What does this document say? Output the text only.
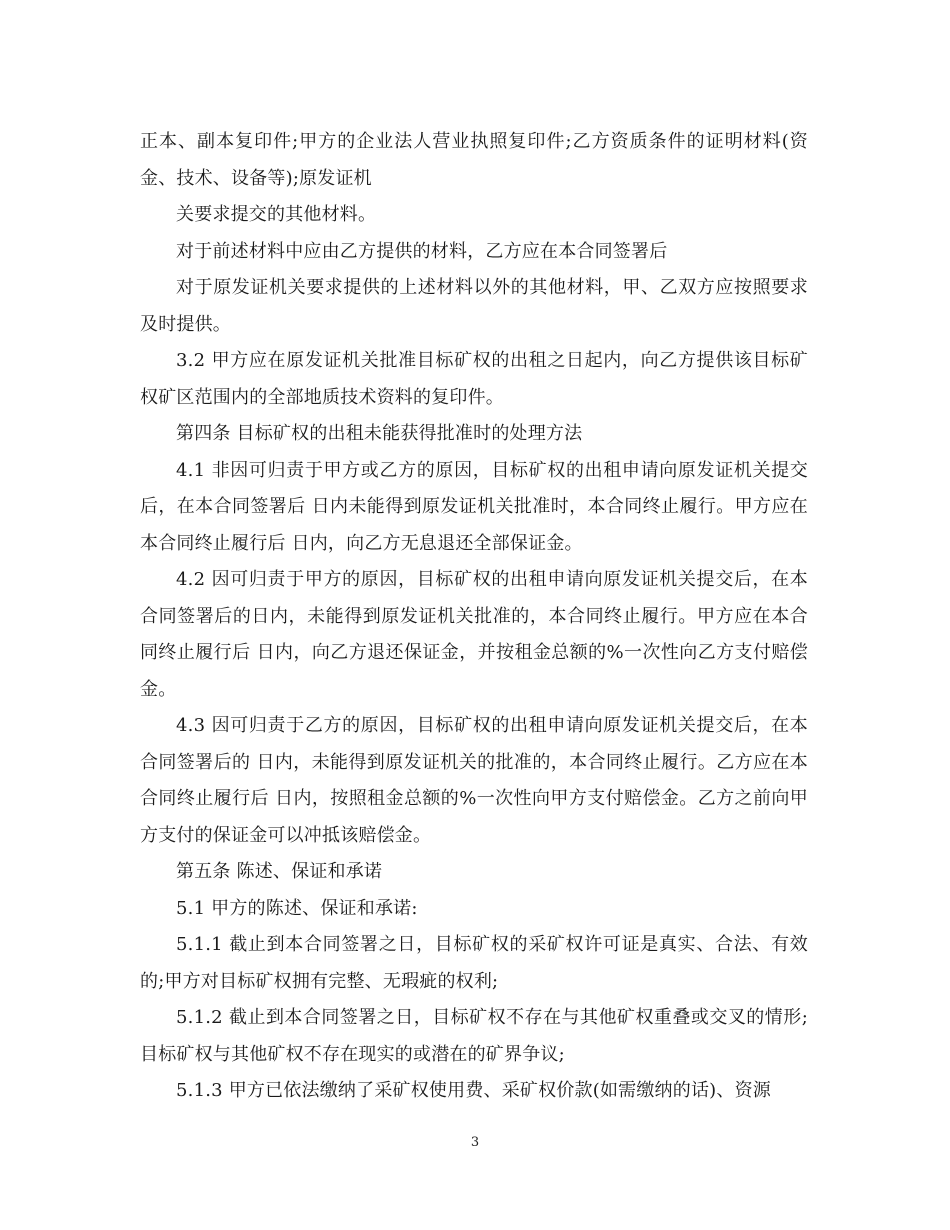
正本、副本复印件;甲方的企业法人营业执照复印件;乙方资质条件的证明材料(资金、技术、设备等);原发证机

关要求提交的其他材料。

对于前述材料中应由乙方提供的材料，乙方应在本合同签署后

对于原发证机关要求提供的上述材料以外的其他材料，甲、乙双方应按照要求及时提供。

3.2 甲方应在原发证机关批准目标矿权的出租之日起内，向乙方提供该目标矿权矿区范围内的全部地质技术资料的复印件。

第四条 目标矿权的出租未能获得批准时的处理方法

4.1 非因可归责于甲方或乙方的原因，目标矿权的出租申请向原发证机关提交后，在本合同签署后 日内未能得到原发证机关批准时，本合同终止履行。甲方应在本合同终止履行后 日内，向乙方无息退还全部保证金。

4.2 因可归责于甲方的原因，目标矿权的出租申请向原发证机关提交后，在本合同签署后的日内，未能得到原发证机关批准的，本合同终止履行。甲方应在本合同终止履行后 日内，向乙方退还保证金，并按租金总额的%一次性向乙方支付赔偿金。

4.3 因可归责于乙方的原因，目标矿权的出租申请向原发证机关提交后，在本合同签署后的 日内，未能得到原发证机关的批准的，本合同终止履行。乙方应在本合同终止履行后 日内，按照租金总额的%一次性向甲方支付赔偿金。乙方之前向甲方支付的保证金可以冲抵该赔偿金。

第五条 陈述、保证和承诺

5.1 甲方的陈述、保证和承诺:

5.1.1 截止到本合同签署之日，目标矿权的采矿权许可证是真实、合法、有效的;甲方对目标矿权拥有完整、无瑕疵的权利;

5.1.2 截止到本合同签署之日，目标矿权不存在与其他矿权重叠或交叉的情形;目标矿权与其他矿权不存在现实的或潜在的矿界争议;

5.1.3 甲方已依法缴纳了采矿权使用费、采矿权价款(如需缴纳的话)、资源

3
